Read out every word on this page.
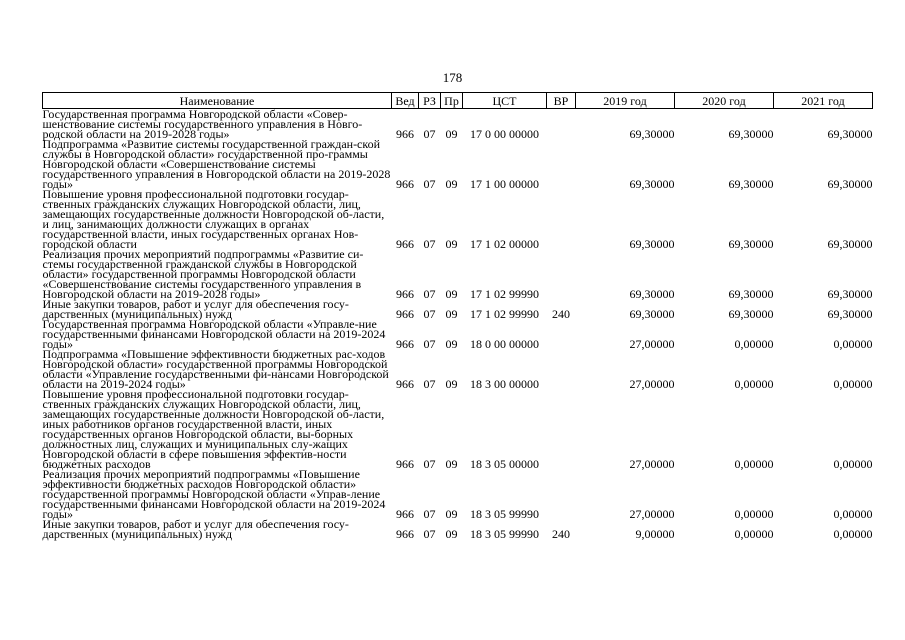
178
Наименование	Вед	РЗ	Пр	ЦСТ	ВР	2019 год	2020 год	2021 год
Государственная программа Новгородской области «Совер-шенствование системы государственного управления в Новго-родской области на 2019-2028 годы»	966	07	09	17 0 00 00000		69,30000	69,30000	69,30000
Подпрограмма «Развитие системы государственной граждан-ской службы в Новгородской области» государственной про-граммы Новгородской области «Совершенствование системы государственного управления в Новгородской области на 2019-2028 годы»	966	07	09	17 1 00 00000		69,30000	69,30000	69,30000
Повышение уровня профессиональной подготовки государ-ственных гражданских служащих Новгородской области, лиц, замещающих государственные должности Новгородской об-ласти, и лиц, занимающих должности служащих в органах государственной власти, иных государственных органах Нов-городской области	966	07	09	17 1 02 00000		69,30000	69,30000	69,30000
Реализация прочих мероприятий подпрограммы «Развитие си-стемы государственной гражданской службы в Новгородской области» государственной программы Новгородской области «Совершенствование системы государственного управления в Новгородской области на 2019-2028 годы»	966	07	09	17 1 02 99990		69,30000	69,30000	69,30000
Иные закупки товаров, работ и услуг для обеспечения госу-дарственных (муниципальных) нужд	966	07	09	17 1 02 99990	240	69,30000	69,30000	69,30000
Государственная программа Новгородской области «Управле-ние государственными финансами Новгородской области на 2019-2024 годы»	966	07	09	18 0 00 00000		27,00000	0,00000	0,00000
Подпрограмма «Повышение эффективности бюджетных рас-ходов Новгородской области» государственной программы Новгородской области «Управление государственными фи-нансами Новгородской области на 2019-2024 годы»	966	07	09	18 3 00 00000		27,00000	0,00000	0,00000
Повышение уровня профессиональной подготовки государ-ственных гражданских служащих Новгородской области, лиц, замещающих государственные должности Новгородской об-ласти, иных работников органов государственной власти, иных государственных органов Новгородской области, вы-борных должностных лиц, служащих и муниципальных слу-жащих Новгородской области в сфере повышения эффектив-ности бюджетных расходов	966	07	09	18 3 05 00000		27,00000	0,00000	0,00000
Реализация прочих мероприятий подпрограммы «Повышение эффективности бюджетных расходов Новгородской области» государственной программы Новгородской области «Управ-ление государственными финансами Новгородской области на 2019-2024 годы»	966	07	09	18 3 05 99990		27,00000	0,00000	0,00000
Иные закупки товаров, работ и услуг для обеспечения госу-дарственных (муниципальных) нужд	966	07	09	18 3 05 99990	240	9,00000	0,00000	0,00000
